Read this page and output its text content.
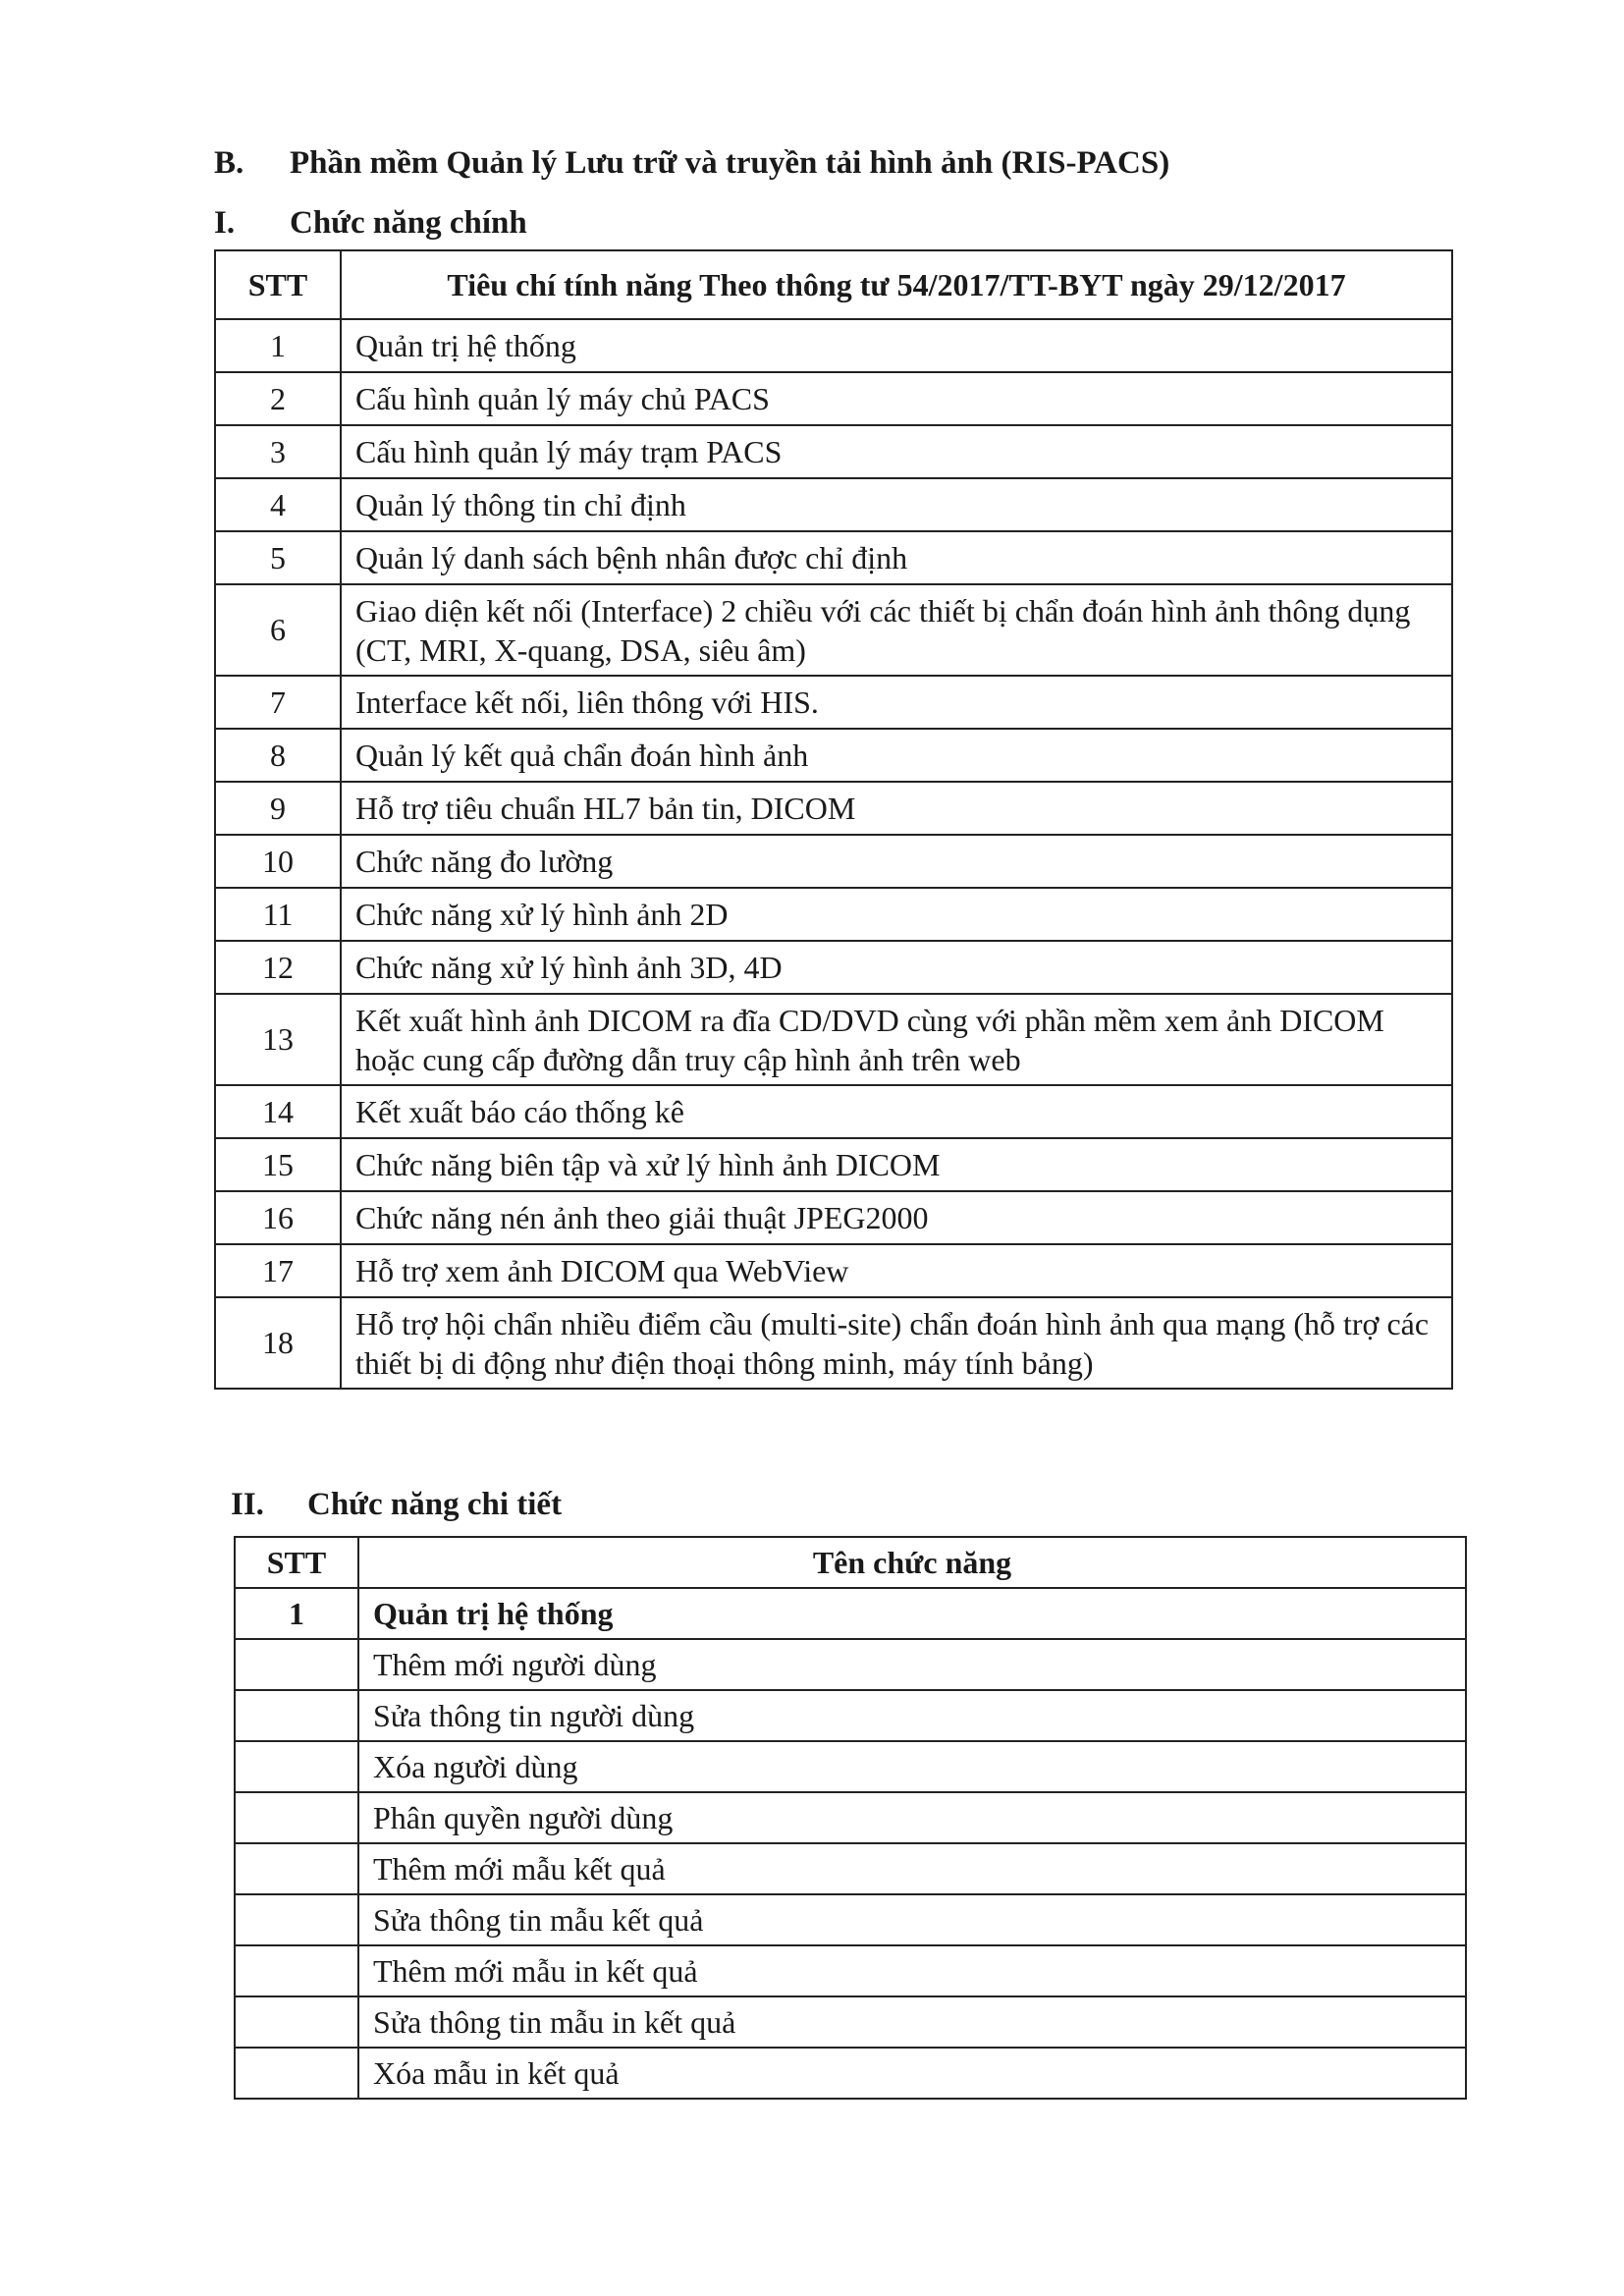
B. Phần mềm Quản lý Lưu trữ và truyền tải hình ảnh (RIS-PACS)
I. Chức năng chính
STT	Tiêu chí tính năng Theo thông tư 54/2017/TT-BYT ngày 29/12/2017
1	Quản trị hệ thống
2	Cấu hình quản lý máy chủ PACS
3	Cấu hình quản lý máy trạm PACS
4	Quản lý thông tin chỉ định
5	Quản lý danh sách bệnh nhân được chỉ định
6	Giao diện kết nối (Interface) 2 chiều với các thiết bị chẩn đoán hình ảnh thông dụng (CT, MRI, X-quang, DSA, siêu âm)
7	Interface kết nối, liên thông với HIS.
8	Quản lý kết quả chẩn đoán hình ảnh
9	Hỗ trợ tiêu chuẩn HL7 bản tin, DICOM
10	Chức năng đo lường
11	Chức năng xử lý hình ảnh 2D
12	Chức năng xử lý hình ảnh 3D, 4D
13	Kết xuất hình ảnh DICOM ra đĩa CD/DVD cùng với phần mềm xem ảnh DICOM hoặc cung cấp đường dẫn truy cập hình ảnh trên web
14	Kết xuất báo cáo thống kê
15	Chức năng biên tập và xử lý hình ảnh DICOM
16	Chức năng nén ảnh theo giải thuật JPEG2000
17	Hỗ trợ xem ảnh DICOM qua WebView
18	Hỗ trợ hội chẩn nhiều điểm cầu (multi-site) chẩn đoán hình ảnh qua mạng (hỗ trợ các thiết bị di động như điện thoại thông minh, máy tính bảng)
II. Chức năng chi tiết
STT	Tên chức năng
1	Quản trị hệ thống
	Thêm mới người dùng
	Sửa thông tin người dùng
	Xóa người dùng
	Phân quyền người dùng
	Thêm mới mẫu kết quả
	Sửa thông tin mẫu kết quả
	Thêm mới mẫu in kết quả
	Sửa thông tin mẫu in kết quả
	Xóa mẫu in kết quả
